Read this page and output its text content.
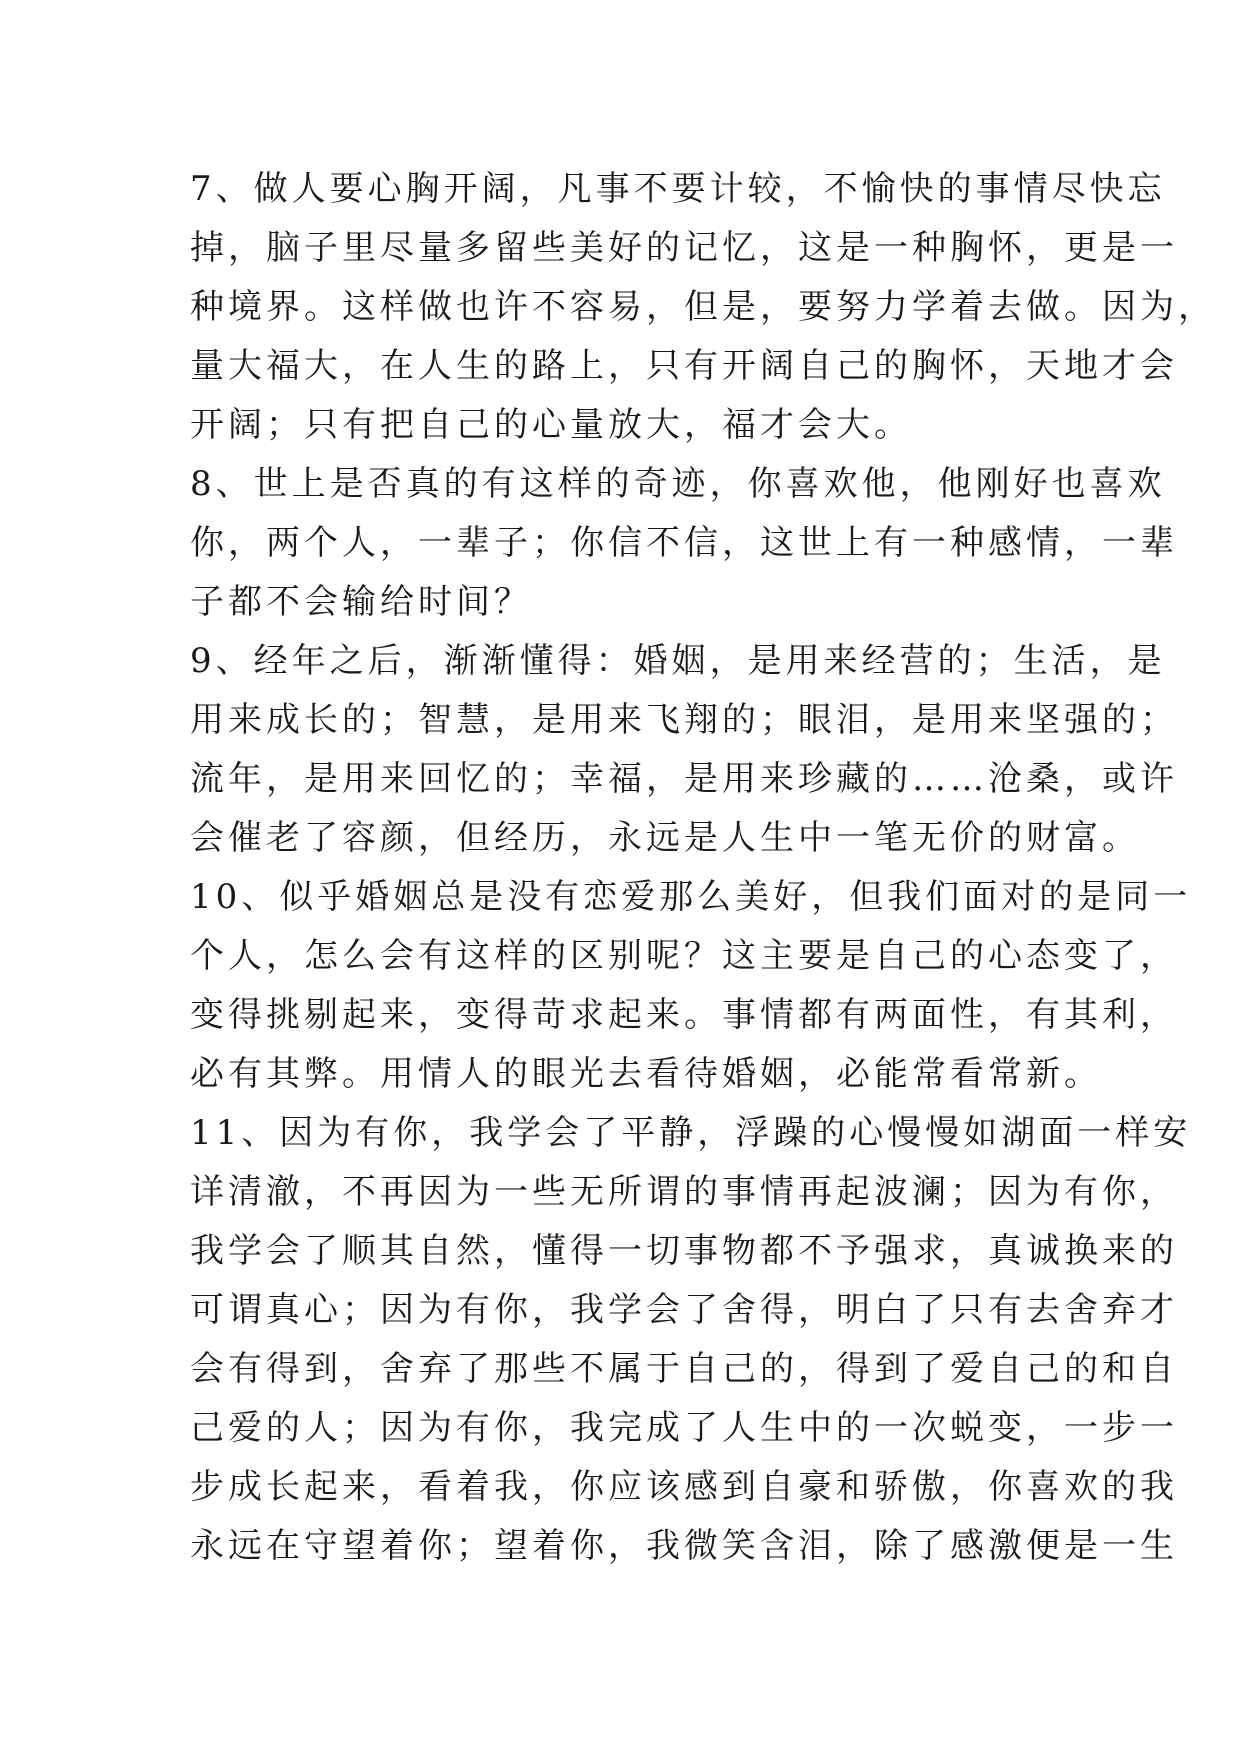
7、做人要心胸开阔，凡事不要计较，不愉快的事情尽快忘
掉，脑子里尽量多留些美好的记忆，这是一种胸怀，更是一
种境界。这样做也许不容易，但是，要努力学着去做。因为，
量大福大，在人生的路上，只有开阔自己的胸怀，天地才会
开阔；只有把自己的心量放大，福才会大。
8、世上是否真的有这样的奇迹，你喜欢他，他刚好也喜欢
你，两个人，一辈子；你信不信，这世上有一种感情，一辈
子都不会输给时间？
9、经年之后，渐渐懂得：婚姻，是用来经营的；生活，是
用来成长的；智慧，是用来飞翔的；眼泪，是用来坚强的；
流年，是用来回忆的；幸福，是用来珍藏的……沧桑，或许
会催老了容颜，但经历，永远是人生中一笔无价的财富。
10、似乎婚姻总是没有恋爱那么美好，但我们面对的是同一
个人，怎么会有这样的区别呢？这主要是自己的心态变了，
变得挑剔起来，变得苛求起来。事情都有两面性，有其利，
必有其弊。用情人的眼光去看待婚姻，必能常看常新。
11、因为有你，我学会了平静，浮躁的心慢慢如湖面一样安
详清澈，不再因为一些无所谓的事情再起波澜；因为有你，
我学会了顺其自然，懂得一切事物都不予强求，真诚换来的
可谓真心；因为有你，我学会了舍得，明白了只有去舍弃才
会有得到，舍弃了那些不属于自己的，得到了爱自己的和自
己爱的人；因为有你，我完成了人生中的一次蜕变，一步一
步成长起来，看着我，你应该感到自豪和骄傲，你喜欢的我
永远在守望着你；望着你，我微笑含泪，除了感激便是一生
